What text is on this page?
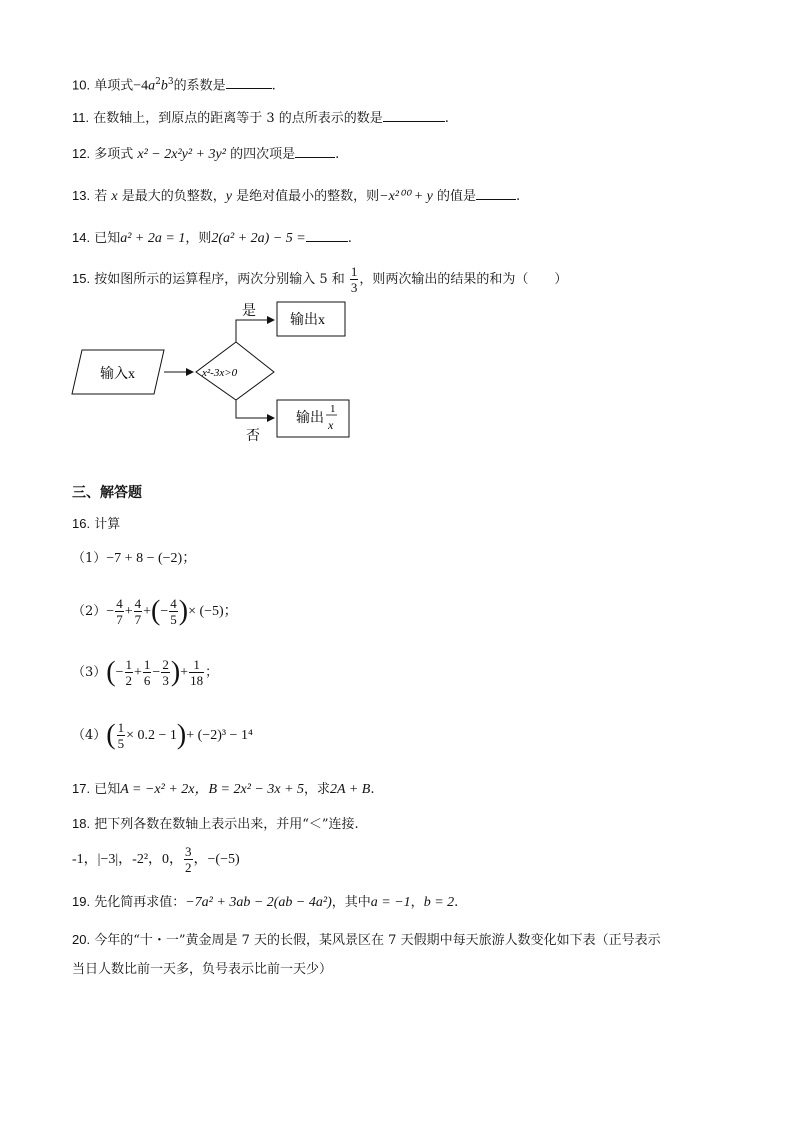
10. 单项式$-4a^2b^3$的系数是	.
11. 在数轴上，到原点的距离等于 3 的点所表示的数是	.
12. 多项式 x² − 2x²y² + 3y² 的四次项是	.
13. 若 x 是最大的负整数，y 是绝对值最小的整数，则−x²⁰⁰ + y 的值是	.
14. 已知a² + 2a = 1，则2(a² + 2a) − 5 =	.
15. 按如图所示的运算程序，两次分别输入 5 和 $\frac{1}{3}$ ，则两次输出的结果的和为（　　）
输入x	x²-3x>0
是
输出x
否
输出
1
x
三、解答题
16. 计算
（1）−7 + 8 − (−2)；
$(2)- \frac{4}{7} + \frac{4}{7}$ +(− $\frac{4}{5}$ )× (−5)；
$(3)(- \frac{1}{2} + \frac{1}{6} - \frac{2}{3}$ )+ $\frac{1}{18}$ ；
$(4)( \frac{1}{5} \times 0.2 - 1)+ (-2)^3 - 1^4$
17. 已知A = −x² + 2x，B = 2x² − 3x + 5，求2A + B.
18. 把下列各数在数轴上表示出来，并用“＜”连接.
-1，|−3|，-2²，0， $\frac{3}{2}$ ，−(−5)
19. 先化简再求值：−7a² + 3ab − 2(ab − 4a²)，其中a = −1，b = 2.
20. 今年的“十・一”黄金周是 7 天的长假，某风景区在 7 天假期中每天旅游人数变化如下表（正号表示
当日人数比前一天多，负号表示比前一天少）
